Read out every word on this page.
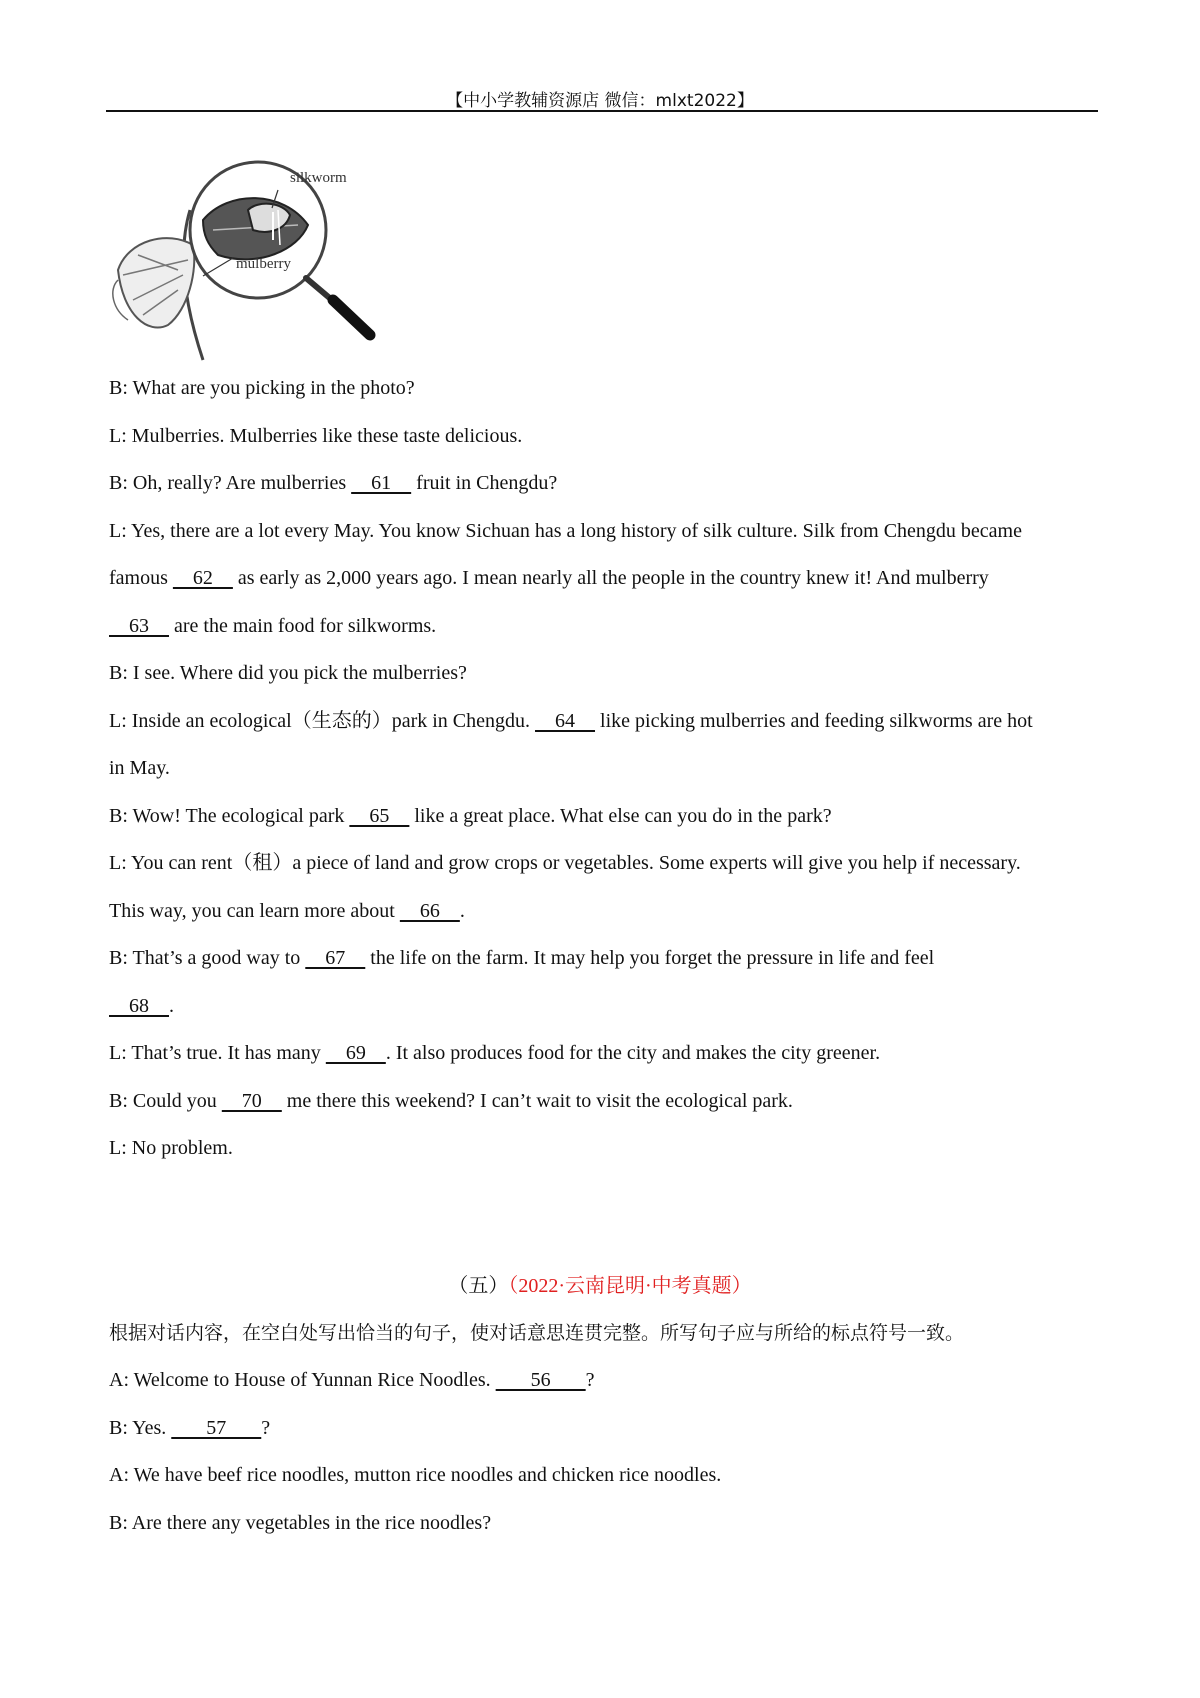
【中小学教辅资源店 微信：mlxt2022】
silkworm
mulberry
B: What are you picking in the photo?
L: Mulberries. Mulberries like these taste delicious.
B: Oh, really? Are mulberries     61     fruit in Chengdu?
L: Yes, there are a lot every May. You know Sichuan has a long history of silk culture. Silk from Chengdu became
famous     62     as early as 2,000 years ago. I mean nearly all the people in the country knew it! And mulberry
63     are the main food for silkworms.
B: I see. Where did you pick the mulberries?
L: Inside an ecological（生态的）park in Chengdu.     64     like picking mulberries and feeding silkworms are hot
in May.
B: Wow! The ecological park     65     like a great place. What else can you do in the park?
L: You can rent（租）a piece of land and grow crops or vegetables. Some experts will give you help if necessary.
This way, you can learn more about     66    .
B: That’s a good way to     67     the life on the farm. It may help you forget the pressure in life and feel
68    .
L: That’s true. It has many     69    . It also produces food for the city and makes the city greener.
B: Could you     70     me there this weekend? I can’t wait to visit the ecological park.
L: No problem.
（五）（2022·云南昆明·中考真题）
根据对话内容，在空白处写出恰当的句子，使对话意思连贯完整。所写句子应与所给的标点符号一致。
A: Welcome to House of Yunnan Rice Noodles.        56       ?
B: Yes.        57       ?
A: We have beef rice noodles, mutton rice noodles and chicken rice noodles.
B: Are there any vegetables in the rice noodles?
